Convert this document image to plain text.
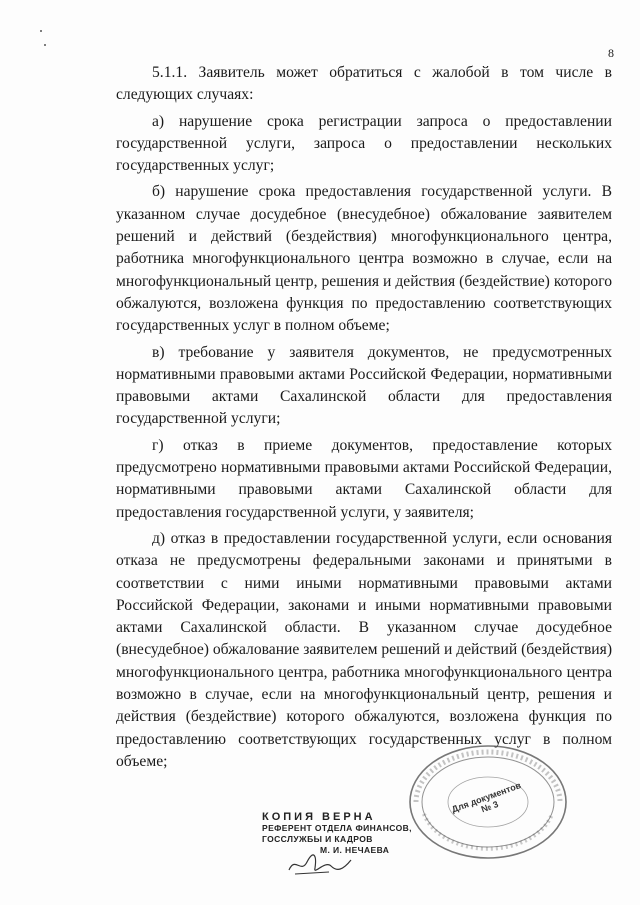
8

5.1.1. Заявитель может обратиться с жалобой в том числе в следующих случаях:

а) нарушение срока регистрации запроса о предоставлении государственной услуги, запроса о предоставлении нескольких государственных услуг;

б) нарушение срока предоставления государственной услуги. В указанном случае досудебное (внесудебное) обжалование заявителем решений и действий (бездействия) многофункционального центра, работника многофункционального центра возможно в случае, если на многофункциональный центр, решения и действия (бездействие) которого обжалуются, возложена функция по предоставлению соответствующих государственных услуг в полном объеме;

в) требование у заявителя документов, не предусмотренных нормативными правовыми актами Российской Федерации, нормативными правовыми актами Сахалинской области для предоставления государственной услуги;

г) отказ в приеме документов, предоставление которых предусмотрено нормативными правовыми актами Российской Федерации, нормативными правовыми актами Сахалинской области для предоставления государственной услуги, у заявителя;

д) отказ в предоставлении государственной услуги, если основания отказа не предусмотрены федеральными законами и принятыми в соответствии с ними иными нормативными правовыми актами Российской Федерации, законами и иными нормативными правовыми актами Сахалинской области. В указанном случае досудебное (внесудебное) обжалование заявителем решений и действий (бездействия) многофункционального центра, работника многофункционального центра возможно в случае, если на многофункциональный центр, решения и действия (бездействие) которого обжалуются, возложена функция по предоставлению соответствующих государственных услуг в полном объеме;

Для документов № 3
КОПИЯ ВЕРНА
РЕФЕРЕНТ ОТДЕЛА ФИНАНСОВ,
ГОССЛУЖБЫ И КАДРОВ
М. И. НЕЧАЕВА
